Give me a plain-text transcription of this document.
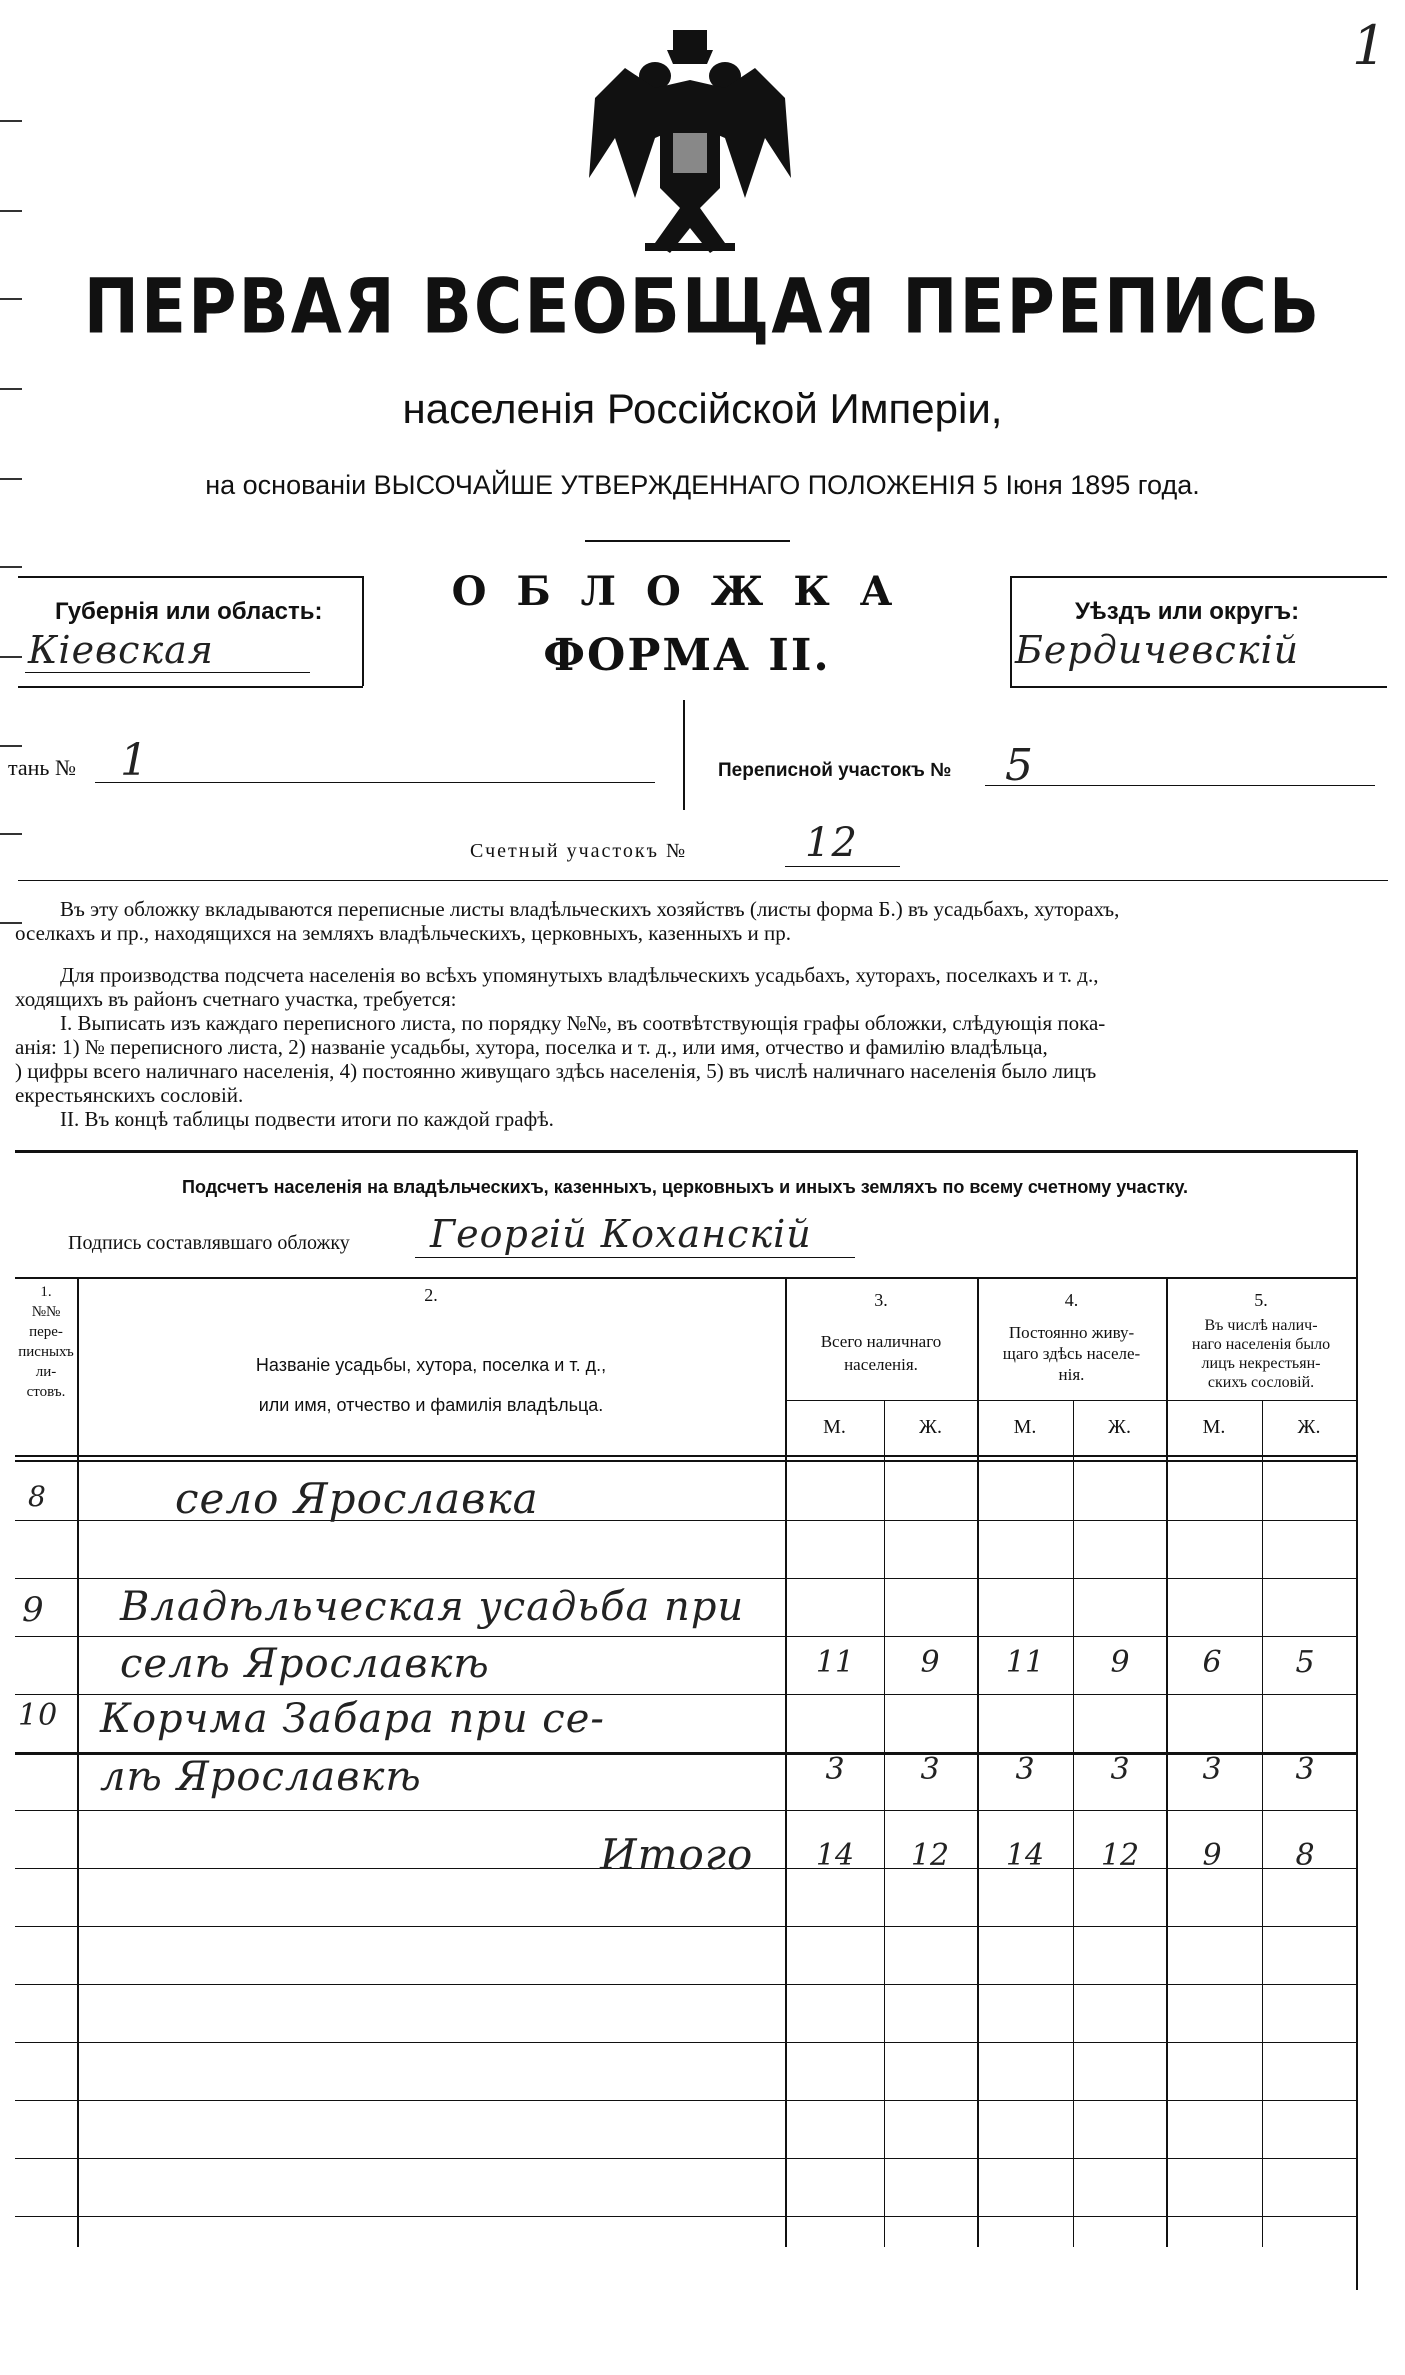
1
ПЕРВАЯ ВСЕОБЩАЯ ПЕРЕПИСЬ
населенія Россійской Имперіи,
на основаніи ВЫСОЧАЙШЕ УТВЕРЖДЕННАГО ПОЛОЖЕНІЯ 5 Іюня 1895 года.
Губернія или область:
Кіевская
ОБЛОЖКА
ФОРМА II.
Уѣздъ или округъ:
Бердичевскій
тань № 1	Переписной участокъ № 5
Счетный участокъ №	12
Въ эту обложку вкладываются переписные листы владѣльческихъ хозяйствъ (листы форма Б.) въ усадьбахъ, хуторахъ,
оселкахъ и пр., находящихся на земляхъ владѣльческихъ, церковныхъ, казенныхъ и пр.
Для производства подсчета населенія во всѣхъ упомянутыхъ владѣльческихъ усадьбахъ, хуторахъ, поселкахъ и т. д.,
ходящихъ въ районъ счетнаго участка, требуется:
I. Выписать изъ каждаго переписного листа, по порядку №№, въ соотвѣтствующія графы обложки, слѣдующія пока-
анія: 1) № переписного листа, 2) названіе усадьбы, хутора, поселка и т. д., или имя, отчество и фамилію владѣльца,
) цифры всего наличнаго населенія, 4) постоянно живущаго здѣсь населенія, 5) въ числѣ наличнаго населенія было лицъ
екрестьянскихъ сословій.
II. Въ концѣ таблицы подвести итоги по каждой графѣ.
Подсчетъ населенія на владѣльческихъ, казенныхъ, церковныхъ и иныхъ земляхъ по всему счетному участку.
Подпись составлявшаго обложку Георгій Коханскій
1.
№№
пере-
писныхъ
ли-
стовъ.
2.
Названіе усадьбы, хутора, поселка и т. д.,
или имя, отчество и фамилія владѣльца.
3.
Всего наличнаго
населенія.
4.
Постоянно живу-
щаго здѣсь населе-
нія.
5.
Въ числѣ налич-
наго населенія было
лицъ некрестьян-
скихъ сословій.
М.	Ж.	М.	Ж.	М.	Ж.
8	село Ярославка
9 Владѣльческая усадьба при
селѣ Ярославкѣ	11	9	11	9	6	5
10 Корчма Забара при се-
лѣ Ярославкѣ	3	3	3	3	3	3
Итого	14	12	14	12	9	8
